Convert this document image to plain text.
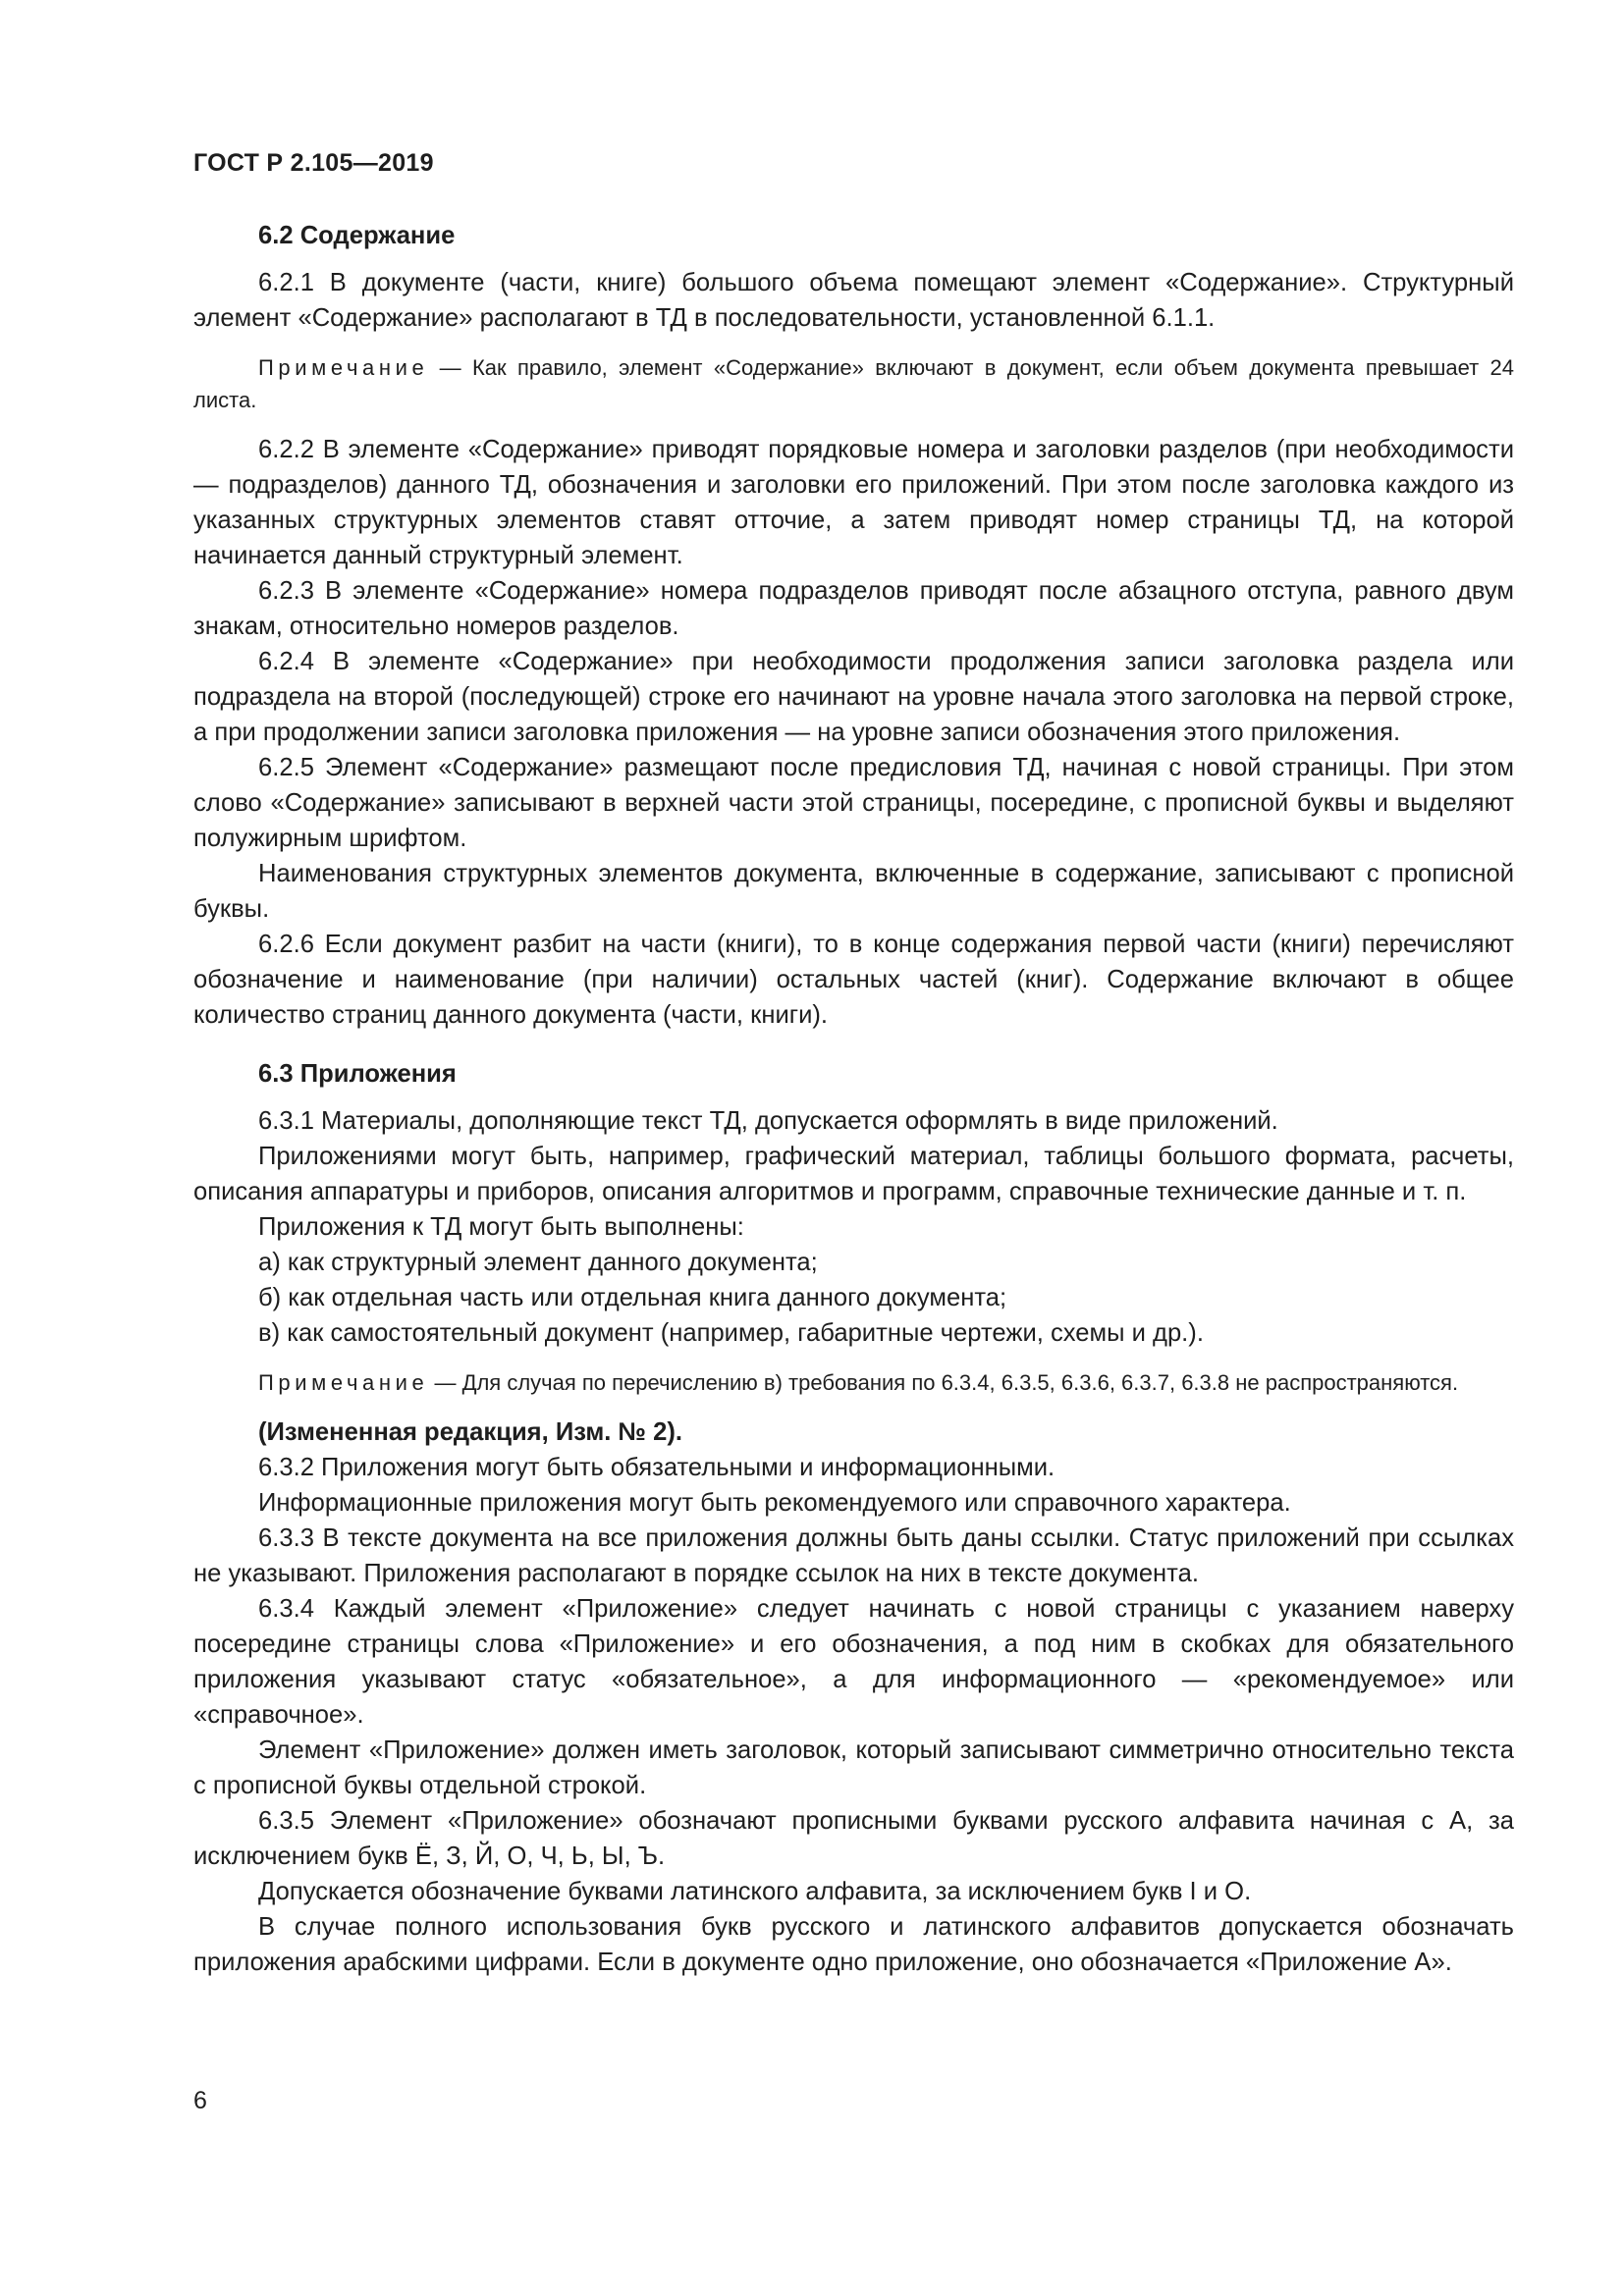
ГОСТ Р 2.105—2019

6.2 Содержание

6.2.1 В документе (части, книге) большого объема помещают элемент «Содержание». Структурный элемент «Содержание» располагают в ТД в последовательности, установленной 6.1.1.

Примечание — Как правило, элемент «Содержание» включают в документ, если объем документа превышает 24 листа.

6.2.2 В элементе «Содержание» приводят порядковые номера и заголовки разделов (при необходимости — подразделов) данного ТД, обозначения и заголовки его приложений. При этом после заголовка каждого из указанных структурных элементов ставят отточие, а затем приводят номер страницы ТД, на которой начинается данный структурный элемент.

6.2.3 В элементе «Содержание» номера подразделов приводят после абзацного отступа, равного двум знакам, относительно номеров разделов.

6.2.4 В элементе «Содержание» при необходимости продолжения записи заголовка раздела или подраздела на второй (последующей) строке его начинают на уровне начала этого заголовка на первой строке, а при продолжении записи заголовка приложения — на уровне записи обозначения этого приложения.

6.2.5 Элемент «Содержание» размещают после предисловия ТД, начиная с новой страницы. При этом слово «Содержание» записывают в верхней части этой страницы, посередине, с прописной буквы и выделяют полужирным шрифтом.

Наименования структурных элементов документа, включенные в содержание, записывают с прописной буквы.

6.2.6 Если документ разбит на части (книги), то в конце содержания первой части (книги) перечисляют обозначение и наименование (при наличии) остальных частей (книг). Содержание включают в общее количество страниц данного документа (части, книги).

6.3 Приложения

6.3.1 Материалы, дополняющие текст ТД, допускается оформлять в виде приложений.

Приложениями могут быть, например, графический материал, таблицы большого формата, расчеты, описания аппаратуры и приборов, описания алгоритмов и программ, справочные технические данные и т. п.

Приложения к ТД могут быть выполнены:

а) как структурный элемент данного документа;

б) как отдельная часть или отдельная книга данного документа;

в) как самостоятельный документ (например, габаритные чертежи, схемы и др.).

Примечание — Для случая по перечислению в) требования по 6.3.4, 6.3.5, 6.3.6, 6.3.7, 6.3.8 не распространяются.

(Измененная редакция, Изм. № 2).

6.3.2 Приложения могут быть обязательными и информационными.

Информационные приложения могут быть рекомендуемого или справочного характера.

6.3.3 В тексте документа на все приложения должны быть даны ссылки. Статус приложений при ссылках не указывают. Приложения располагают в порядке ссылок на них в тексте документа.

6.3.4 Каждый элемент «Приложение» следует начинать с новой страницы с указанием наверху посередине страницы слова «Приложение» и его обозначения, а под ним в скобках для обязательного приложения указывают статус «обязательное», а для информационного — «рекомендуемое» или «справочное».

Элемент «Приложение» должен иметь заголовок, который записывают симметрично относительно текста с прописной буквы отдельной строкой.

6.3.5 Элемент «Приложение» обозначают прописными буквами русского алфавита начиная с А, за исключением букв Ё, З, Й, О, Ч, Ь, Ы, Ъ.

Допускается обозначение буквами латинского алфавита, за исключением букв I и O.

В случае полного использования букв русского и латинского алфавитов допускается обозначать приложения арабскими цифрами. Если в документе одно приложение, оно обозначается «Приложение А».

6
